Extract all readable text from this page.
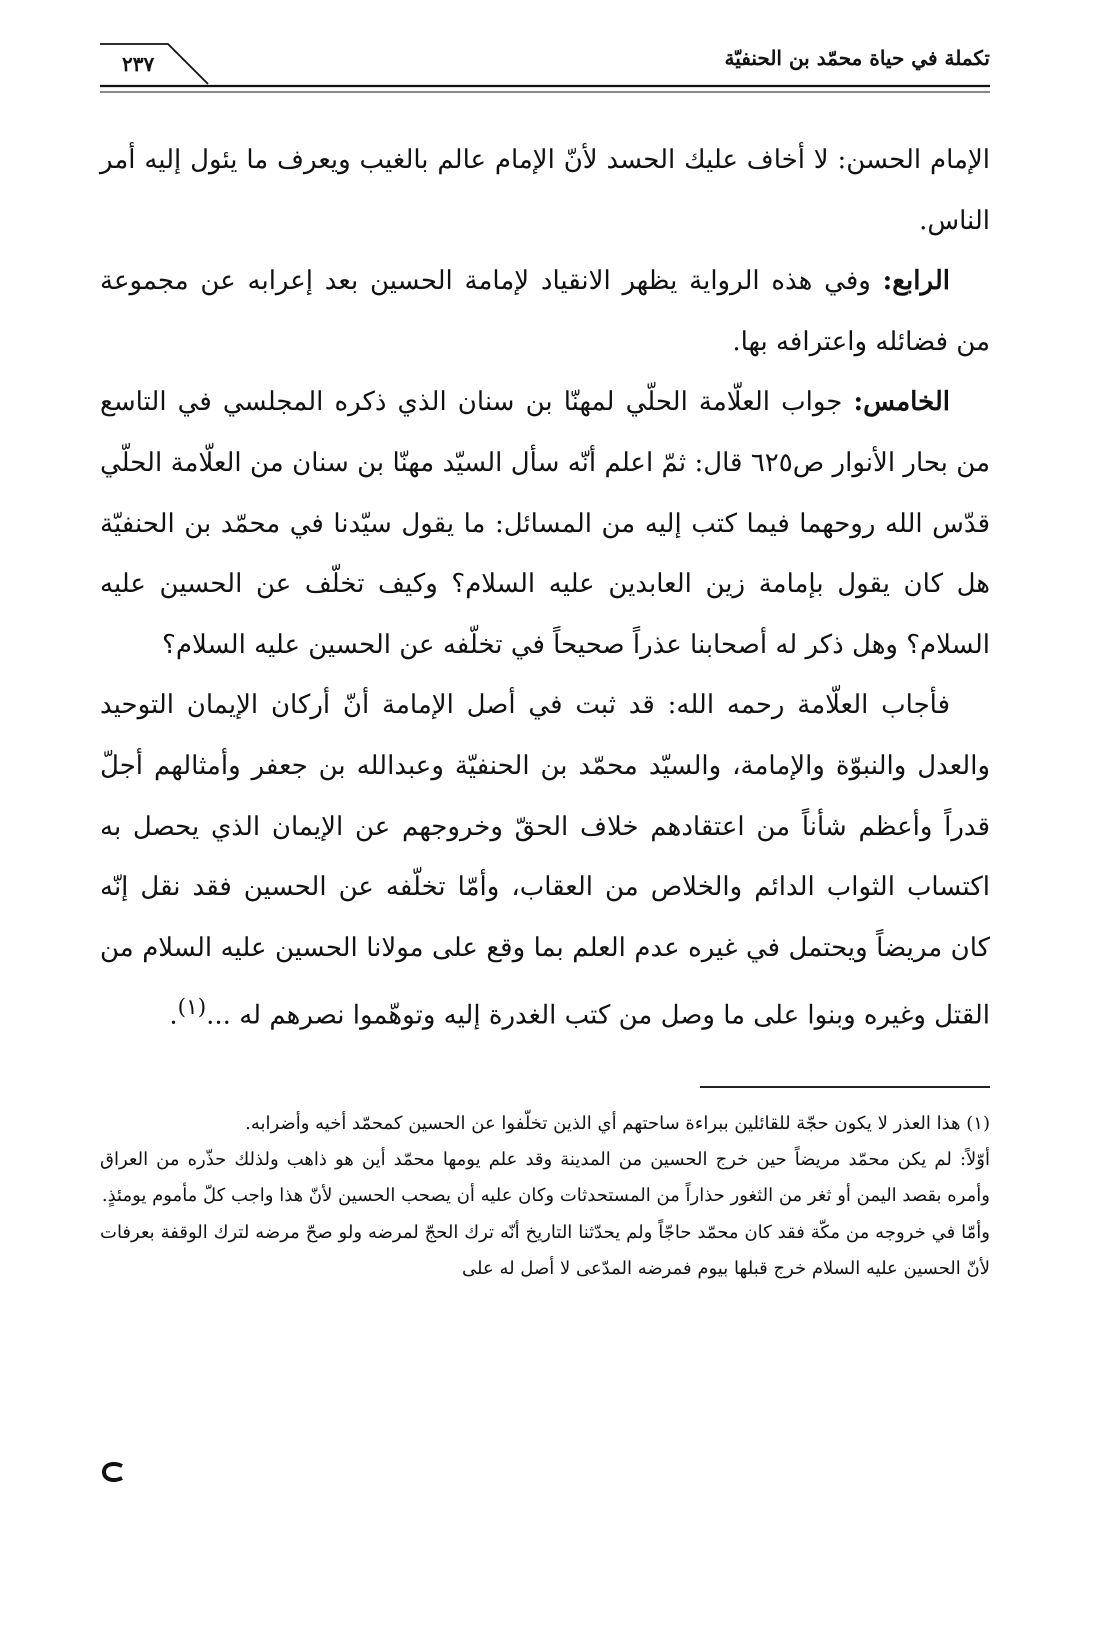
تكملة في حياة محمّد بن الحنفيّة
٢٣٧

الإمام الحسن: لا أخاف عليك الحسد لأنّ الإمام عالم بالغيب ويعرف ما يئول إليه أمر الناس.

الرابع: وفي هذه الرواية يظهر الانقياد لإمامة الحسين بعد إعرابه عن مجموعة من فضائله واعترافه بها.

الخامس: جواب العلّامة الحلّي لمهنّا بن سنان الذي ذكره المجلسي في التاسع من بحار الأنوار ص٦٢٥ قال: ثمّ اعلم أنّه سأل السيّد مهنّا بن سنان من العلّامة الحلّي قدّس الله روحهما فيما كتب إليه من المسائل: ما يقول سيّدنا في محمّد بن الحنفيّة هل كان يقول بإمامة زين العابدين عليه السلام؟ وكيف تخلّف عن الحسين عليه السلام؟ وهل ذكر له أصحابنا عذراً صحيحاً في تخلّفه عن الحسين عليه السلام؟

فأجاب العلّامة رحمه الله: قد ثبت في أصل الإمامة أنّ أركان الإيمان التوحيد والعدل والنبوّة والإمامة، والسيّد محمّد بن الحنفيّة وعبدالله بن جعفر وأمثالهم أجلّ قدراً وأعظم شأناً من اعتقادهم خلاف الحقّ وخروجهم عن الإيمان الذي يحصل به اكتساب الثواب الدائم والخلاص من العقاب، وأمّا تخلّفه عن الحسين فقد نقل إنّه كان مريضاً ويحتمل في غيره عدم العلم بما وقع على مولانا الحسين عليه السلام من القتل وغيره وبنوا على ما وصل من كتب الغدرة إليه وتوهّموا نصرهم له ...$^{(١)}$.

(١) هذا العذر لا يكون حجّة للقائلين ببراءة ساحتهم أي الذين تخلّفوا عن الحسين كمحمّد أخيه وأضرابه.

أوّلاً: لم يكن محمّد مريضاً حين خرج الحسين من المدينة وقد علم يومها محمّد أين هو ذاهب ولذلك حذّره من العراق وأمره بقصد اليمن أو ثغر من الثغور حذاراً من المستحدثات وكان عليه أن يصحب الحسين لأنّ هذا واجب كلّ مأموم يومئذٍ.

وأمّا في خروجه من مكّة فقد كان محمّد حاجّاً ولم يحدّثنا التاريخ أنّه ترك الحجّ لمرضه ولو صحّ مرضه لترك الوقفة بعرفات لأنّ الحسين عليه السلام خرج قبلها بيوم فمرضه المدّعى لا أصل له على
